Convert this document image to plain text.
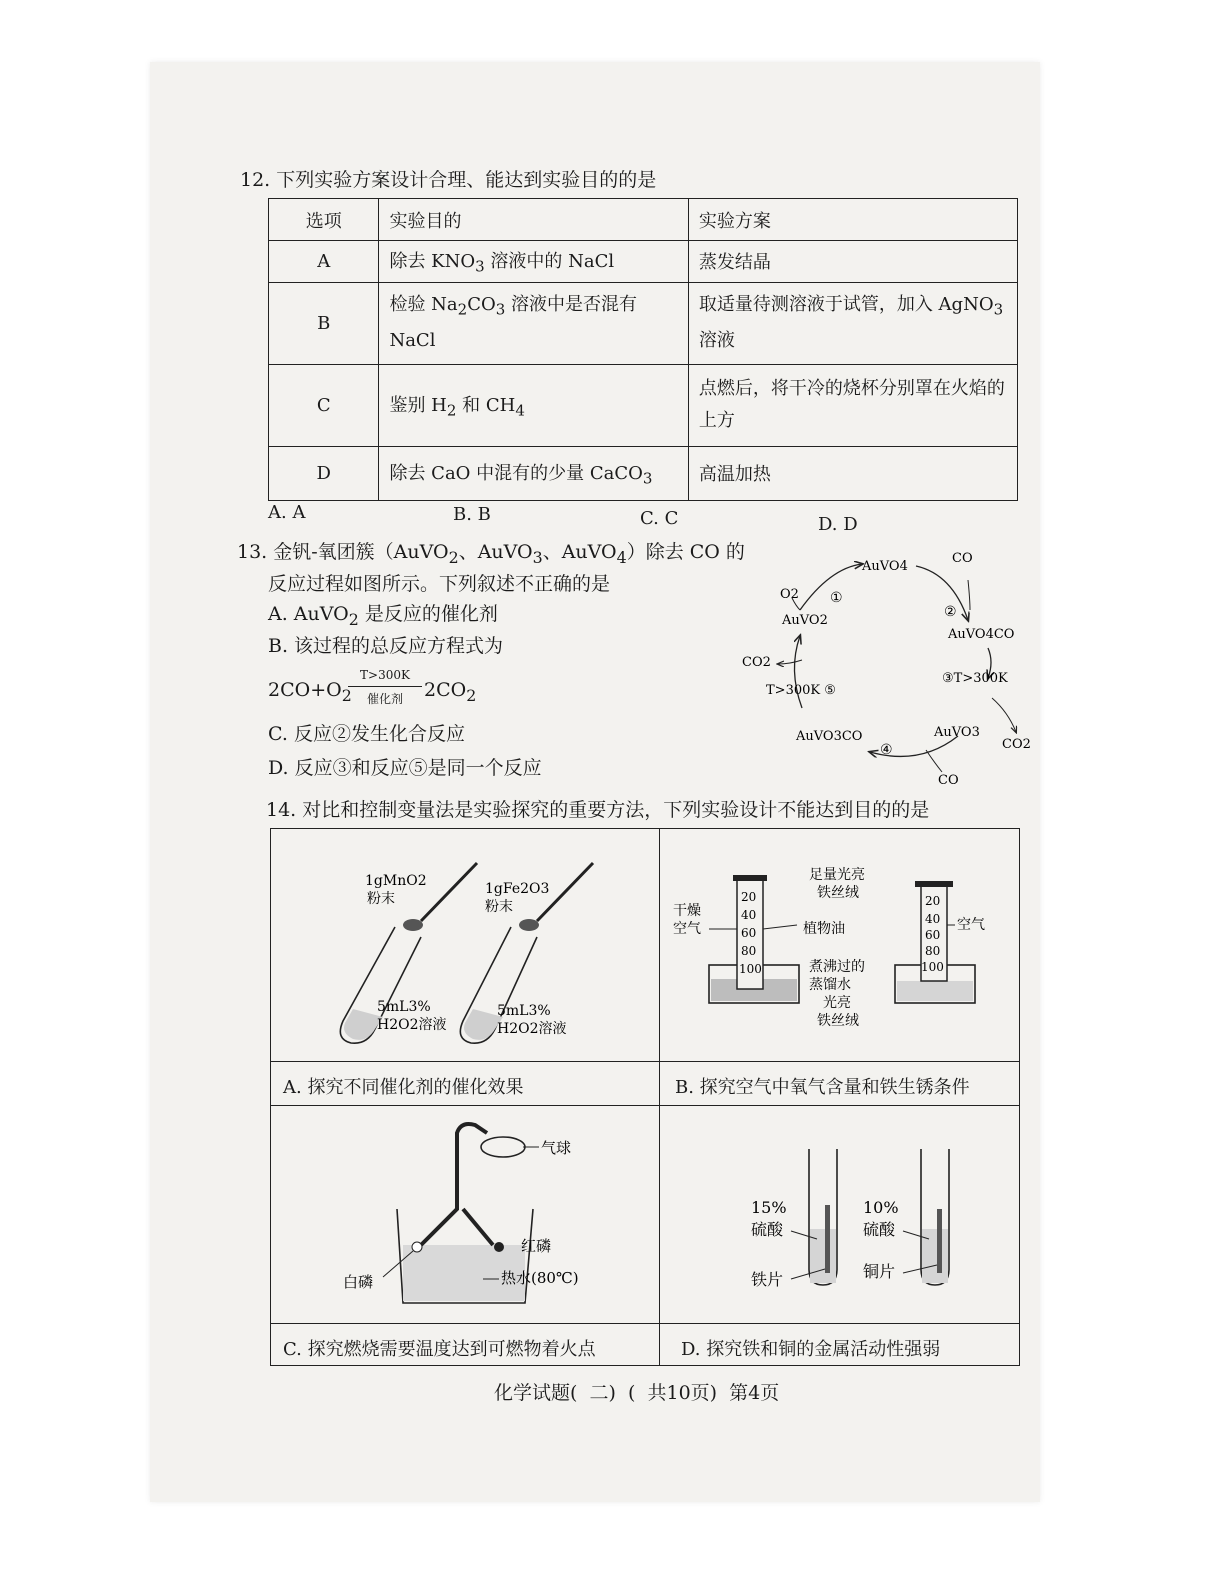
12. 下列实验方案设计合理、能达到实验目的的是
选项	实验目的	实验方案
A	除去 $KNO_3$ 溶液中的 NaCl	蒸发结晶
B	检验 $Na_2CO_3$ 溶液中是否混有 NaCl	取适量待测溶液于试管，加入 AgNO$_3$ 溶液
C	鉴别 $H_2$ 和 $CH_4$	点燃后，将干冷的烧杯分别罩在火焰的上方
D	除去 CaO 中混有的少量 CaCO$_3$	高温加热
A. A	B. B	C. C	D. D
13. 金钒-氧团簇（AuVO$_2$、AuVO$_3$、AuVO$_4$）除去 CO 的
反应过程如图所示。下列叙述不正确的是
A. AuVO$_2$ 是反应的催化剂
B. 该过程的总反应方程式为
$2CO+O_2$
T>300K
催化剂	$2CO_2$
C. 反应②发生化合反应
D. 反应③和反应⑤是同一个反应
AuVO4
AuVO2
AuVO4CO
AuVO3
AuVO3CO
O2
CO
CO2
CO
CO2
①
②
③T>300K
④
T>300K ⑤
14. 对比和控制变量法是实验探究的重要方法，下列实验设计不能达到目的的是
A. 探究不同催化剂的催化效果	B. 探究空气中氧气含量和铁生锈条件
C. 探究燃烧需要温度达到可燃物着火点	D. 探究铁和铜的金属活动性强弱
1gMnO2
粉末
1gFe2O3
粉末
5mL3%
H2O2溶液
5mL3%
H2O2溶液
20
40
60
80
100
20
40
60
80
100
足量光亮
铁丝绒
干燥
空气	植物油
煮沸过的
蒸馏水
光亮
铁丝绒
空气
气球
红磷
白磷	热水(80℃)
15%
硫酸
铁片
10%
硫酸
铜片
化学试题(  二)  (  共10页)  第4页
